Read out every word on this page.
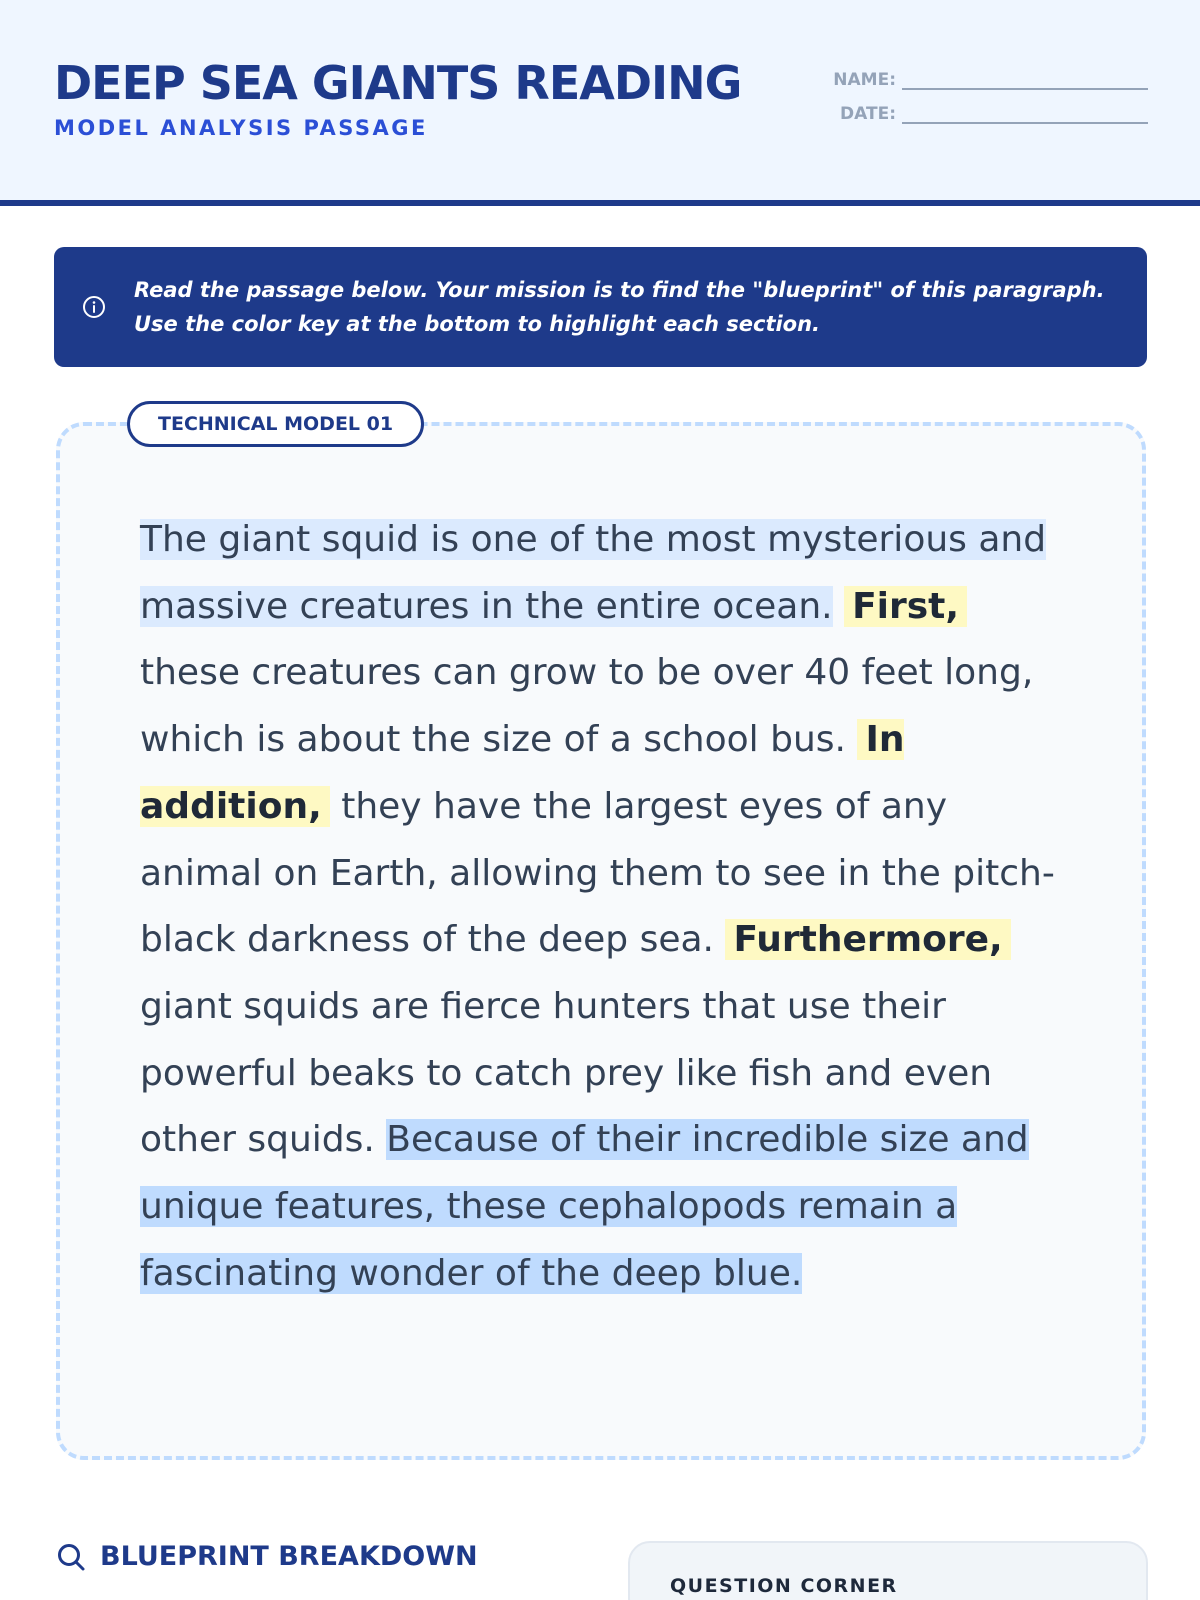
DEEP SEA GIANTS READING
MODEL ANALYSIS PASSAGE
NAME:
DATE:
Read the passage below. Your mission is to find the "blueprint" of this paragraph. Use the color key at the bottom to highlight each section.
TECHNICAL MODEL 01
The giant squid is one of the most mysterious and massive creatures in the entire ocean. First, these creatures can grow to be over 40 feet long, which is about the size of a school bus. In addition, they have the largest eyes of any animal on Earth, allowing them to see in the pitch-black darkness of the deep sea. Furthermore, giant squids are fierce hunters that use their powerful beaks to catch prey like fish and even other squids. Because of their incredible size and unique features, these cephalopods remain a fascinating wonder of the deep blue.
BLUEPRINT BREAKDOWN
QUESTION CORNER
